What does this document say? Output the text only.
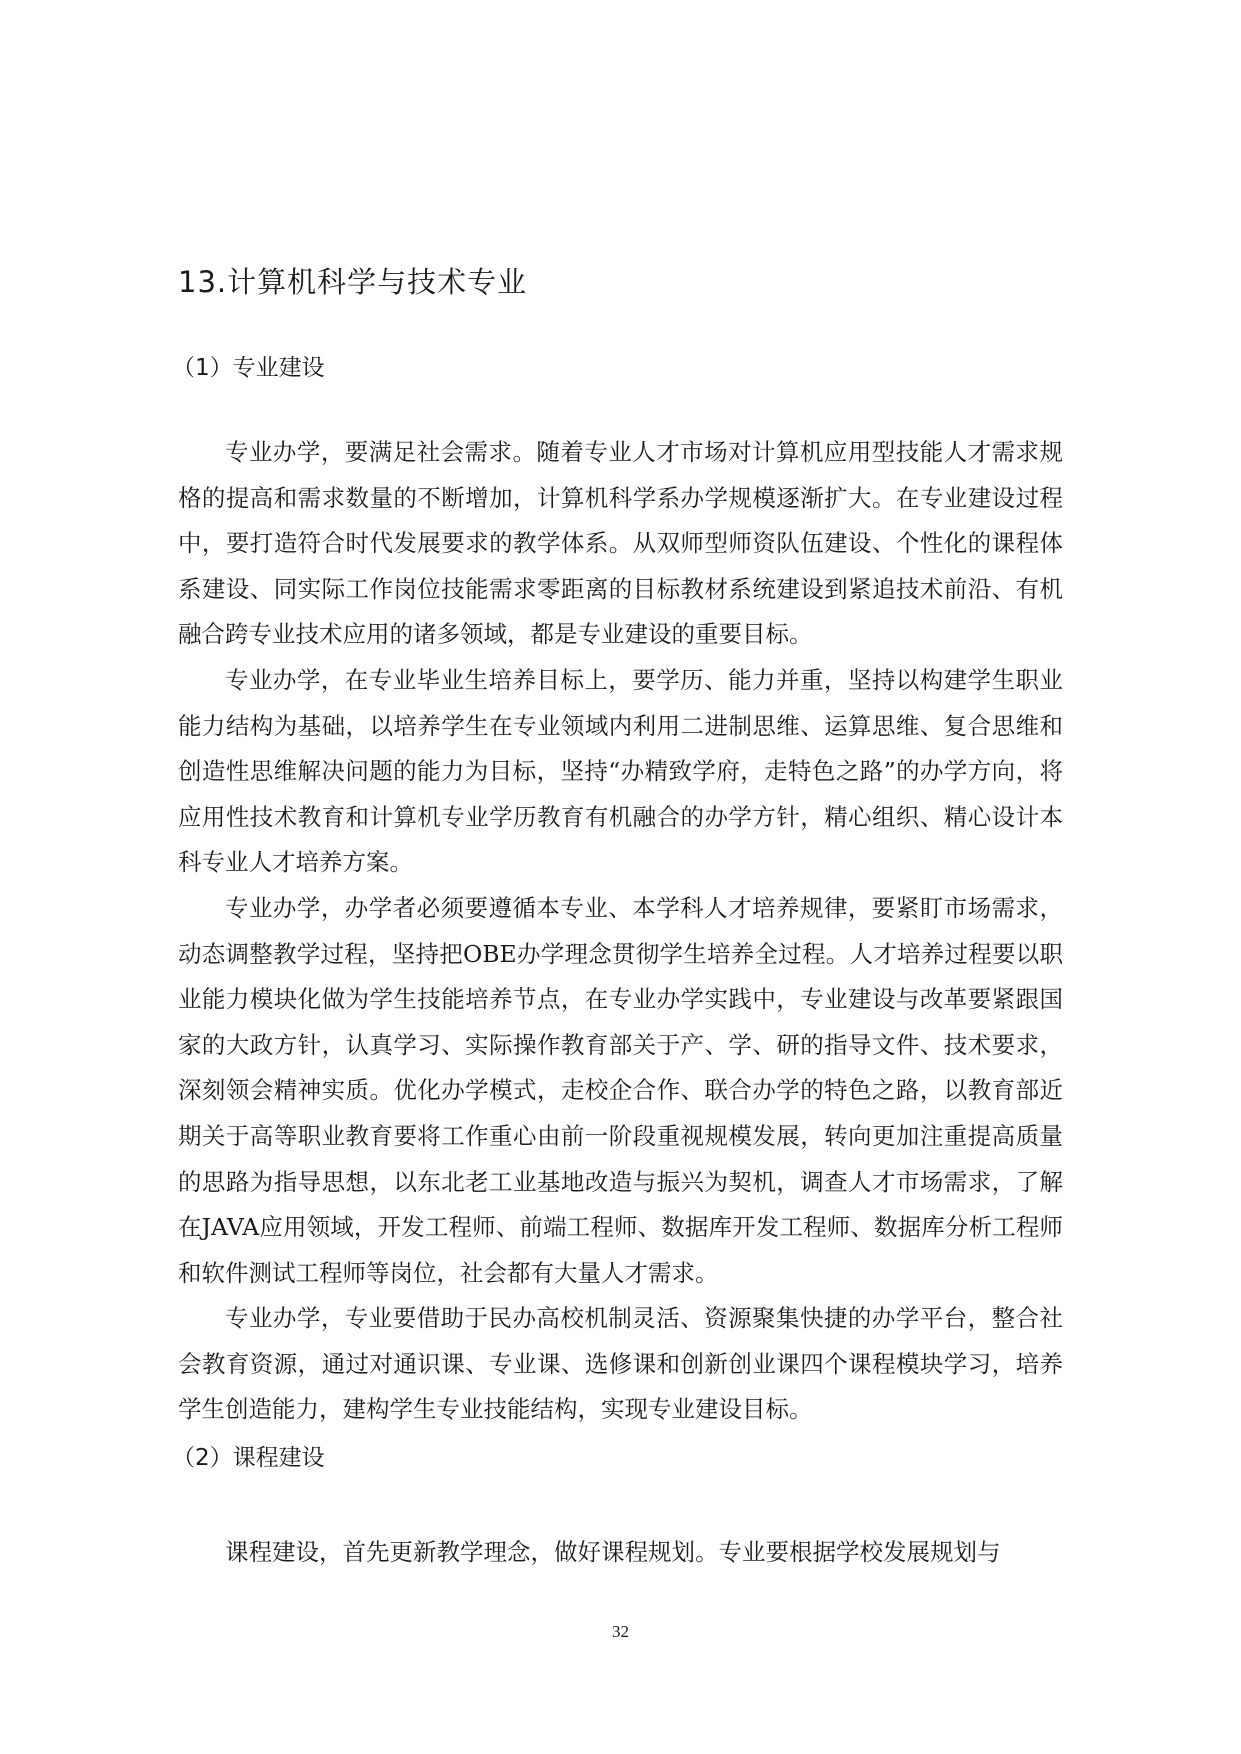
13.计算机科学与技术专业
（1）专业建设

专业办学，要满足社会需求。随着专业人才市场对计算机应用型技能人才需求规格的提高和需求数量的不断增加，计算机科学系办学规模逐渐扩大。在专业建设过程中，要打造符合时代发展要求的教学体系。从双师型师资队伍建设、个性化的课程体系建设、同实际工作岗位技能需求零距离的目标教材系统建设到紧追技术前沿、有机融合跨专业技术应用的诸多领域，都是专业建设的重要目标。

专业办学，在专业毕业生培养目标上，要学历、能力并重，坚持以构建学生职业能力结构为基础，以培养学生在专业领域内利用二进制思维、运算思维、复合思维和创造性思维解决问题的能力为目标，坚持“办精致学府，走特色之路”的办学方向，将应用性技术教育和计算机专业学历教育有机融合的办学方针，精心组织、精心设计本科专业人才培养方案。

专业办学，办学者必须要遵循本专业、本学科人才培养规律，要紧盯市场需求，动态调整教学过程，坚持把OBE办学理念贯彻学生培养全过程。人才培养过程要以职业能力模块化做为学生技能培养节点，在专业办学实践中，专业建设与改革要紧跟国家的大政方针，认真学习、实际操作教育部关于产、学、研的指导文件、技术要求，深刻领会精神实质。优化办学模式，走校企合作、联合办学的特色之路，以教育部近期关于高等职业教育要将工作重心由前一阶段重视规模发展，转向更加注重提高质量的思路为指导思想，以东北老工业基地改造与振兴为契机，调查人才市场需求，了解在JAVA应用领域，开发工程师、前端工程师、数据库开发工程师、数据库分析工程师和软件测试工程师等岗位，社会都有大量人才需求。

专业办学，专业要借助于民办高校机制灵活、资源聚集快捷的办学平台，整合社会教育资源，通过对通识课、专业课、选修课和创新创业课四个课程模块学习，培养学生创造能力，建构学生专业技能结构，实现专业建设目标。

（2）课程建设

课程建设，首先更新教学理念，做好课程规划。专业要根据学校发展规划与

32
